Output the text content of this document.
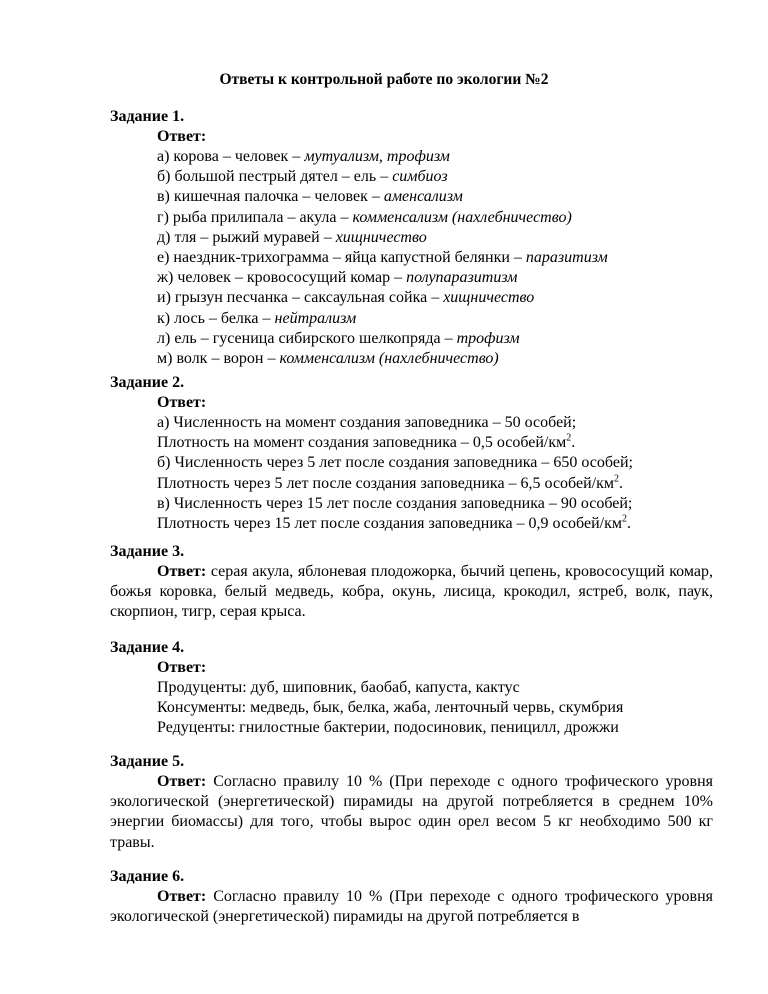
Ответы к контрольной работе по экологии №2

Задание 1.

Ответ:
а) корова – человек – мутуализм, трофизм
б) большой пестрый дятел – ель – симбиоз
в) кишечная палочка – человек – аменсализм
г) рыба прилипала – акула – комменсализм (нахлебничество)
д) тля – рыжий муравей – хищничество
е) наездник-трихограмма – яйца капустной белянки – паразитизм
ж) человек – кровососущий комар – полупаразитизм
и) грызун песчанка – саксаульная сойка – хищничество
к) лось – белка – нейтрализм
л) ель – гусеница сибирского шелкопряда – трофизм
м) волк – ворон – комменсализм (нахлебничество)

Задание 2.

Ответ:
а) Численность на момент создания заповедника – 50 особей;
Плотность на момент создания заповедника – 0,5 особей/$км^2$.
б) Численность через 5 лет после создания заповедника – 650 особей;
Плотность через 5 лет после создания заповедника – 6,5 особей/$км^2$.
в) Численность через 15 лет после создания заповедника – 90 особей;
Плотность через 15 лет после создания заповедника – 0,9 особей/$км^2$.

Задание 3.

Ответ: серая акула, яблоневая плодожорка, бычий цепень, кровососущий комар, божья коровка, белый медведь, кобра, окунь, лисица, крокодил, ястреб, волк, паук, скорпион, тигр, серая крыса.

Задание 4.

Ответ:
Продуценты: дуб, шиповник, баобаб, капуста, кактус
Консументы: медведь, бык, белка, жаба, ленточный червь, скумбрия
Редуценты: гнилостные бактерии, подосиновик, пеницилл, дрожжи

Задание 5.

Ответ: Согласно правилу 10 % (При переходе с одного трофического уровня экологической (энергетической) пирамиды на другой потребляется в среднем 10% энергии биомассы) для того, чтобы вырос один орел весом 5 кг необходимо 500 кг травы.

Задание 6.

Ответ: Согласно правилу 10 % (При переходе с одного трофического уровня экологической (энергетической) пирамиды на другой потребляется в
